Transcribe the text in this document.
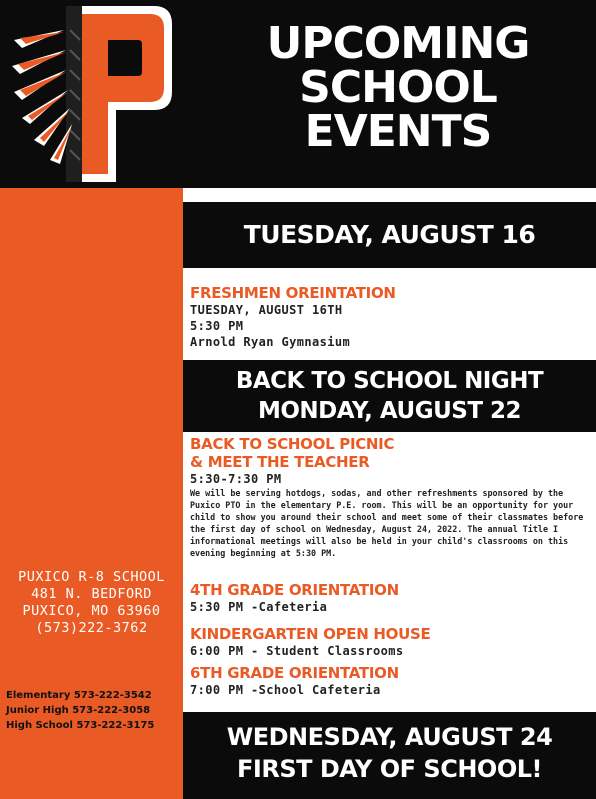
UPCOMING
SCHOOL
EVENTS
PUXICO R-8 SCHOOL
481 N. BEDFORD
PUXICO, MO 63960
(573)222-3762
Elementary 573-222-3542
Junior High 573-222-3058
High School 573-222-3175
TUESDAY, AUGUST 16
FRESHMEN OREINTATION
TUESDAY, AUGUST 16TH
5:30 PM
Arnold Ryan Gymnasium
BACK TO SCHOOL NIGHT
MONDAY, AUGUST 22
BACK TO SCHOOL PICNIC
& MEET THE TEACHER
5:30-7:30 PM
We will be serving hotdogs, sodas, and other refreshments sponsored by the Puxico PTO in the elementary P.E. room. This will be an opportunity for your child to show you around their school and meet some of their classmates before the first day of school on Wednesday, August 24, 2022. The annual Title I informational meetings will also be held in your child's classrooms on this evening beginning at 5:30 PM.
4TH GRADE ORIENTATION
5:30 PM -Cafeteria
KINDERGARTEN OPEN HOUSE
6:00 PM - Student Classrooms
6TH GRADE ORIENTATION
7:00 PM -School Cafeteria
WEDNESDAY, AUGUST 24
FIRST DAY OF SCHOOL!
